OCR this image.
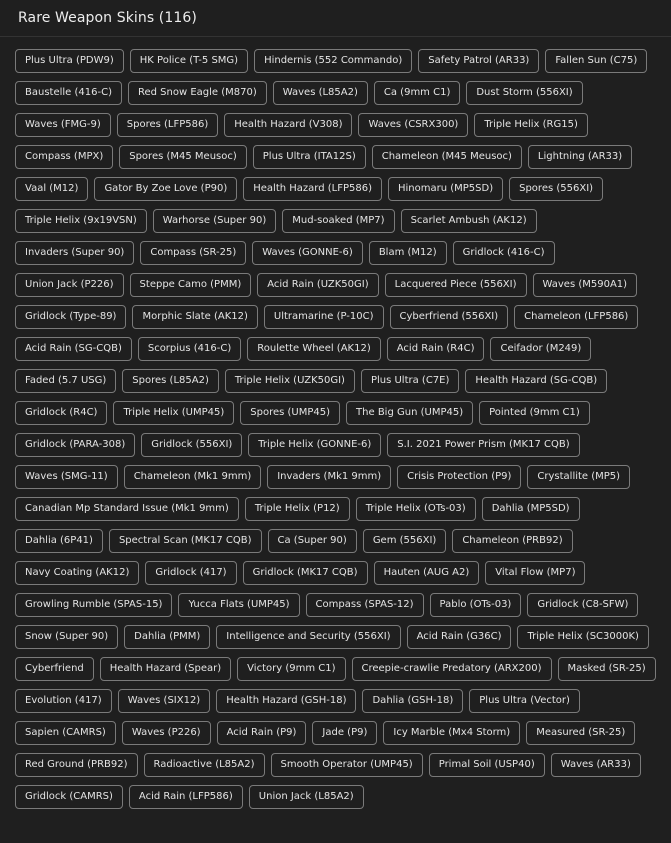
Rare Weapon Skins (116)
Plus Ultra (PDW9)	HK Police (T-5 SMG)	Hindernis (552 Commando)	Safety Patrol (AR33)	Fallen Sun (C75)
Baustelle (416-C)	Red Snow Eagle (M870)	Waves (L85A2)	Ca (9mm C1)	Dust Storm (556XI)
Waves (FMG-9)	Spores (LFP586)	Health Hazard (V308)	Waves (CSRX300)	Triple Helix (RG15)
Compass (MPX)	Spores (M45 Meusoc)	Plus Ultra (ITA12S)	Chameleon (M45 Meusoc)	Lightning (AR33)
Vaal (M12)	Gator By Zoe Love (P90)	Health Hazard (LFP586)	Hinomaru (MP5SD)	Spores (556XI)
Triple Helix (9x19VSN)	Warhorse (Super 90)	Mud-soaked (MP7)	Scarlet Ambush (AK12)
Invaders (Super 90)	Compass (SR-25)	Waves (GONNE-6)	Blam (M12)	Gridlock (416-C)
Union Jack (P226)	Steppe Camo (PMM)	Acid Rain (UZK50GI)	Lacquered Piece (556XI)	Waves (M590A1)
Gridlock (Type-89)	Morphic Slate (AK12)	Ultramarine (P-10C)	Cyberfriend (556XI)	Chameleon (LFP586)
Acid Rain (SG-CQB)	Scorpius (416-C)	Roulette Wheel (AK12)	Acid Rain (R4C)	Ceifador (M249)
Faded (5.7 USG)	Spores (L85A2)	Triple Helix (UZK50GI)	Plus Ultra (C7E)	Health Hazard (SG-CQB)
Gridlock (R4C)	Triple Helix (UMP45)	Spores (UMP45)	The Big Gun (UMP45)	Pointed (9mm C1)
Gridlock (PARA-308)	Gridlock (556XI)	Triple Helix (GONNE-6)	S.I. 2021 Power Prism (MK17 CQB)
Waves (SMG-11)	Chameleon (Mk1 9mm)	Invaders (Mk1 9mm)	Crisis Protection (P9)	Crystallite (MP5)
Canadian Mp Standard Issue (Mk1 9mm)	Triple Helix (P12)	Triple Helix (OTs-03)	Dahlia (MP5SD)
Dahlia (6P41)	Spectral Scan (MK17 CQB)	Ca (Super 90)	Gem (556XI)	Chameleon (PRB92)
Navy Coating (AK12)	Gridlock (417)	Gridlock (MK17 CQB)	Hauten (AUG A2)	Vital Flow (MP7)
Growling Rumble (SPAS-15)	Yucca Flats (UMP45)	Compass (SPAS-12)	Pablo (OTs-03)	Gridlock (C8-SFW)
Snow (Super 90)	Dahlia (PMM)	Intelligence and Security (556XI)	Acid Rain (G36C)	Triple Helix (SC3000K)
Cyberfriend	Health Hazard (Spear)	Victory (9mm C1)	Creepie-crawlie Predatory (ARX200)	Masked (SR-25)
Evolution (417)	Waves (SIX12)	Health Hazard (GSH-18)	Dahlia (GSH-18)	Plus Ultra (Vector)
Sapien (CAMRS)	Waves (P226)	Acid Rain (P9)	Jade (P9)	Icy Marble (Mx4 Storm)	Measured (SR-25)
Red Ground (PRB92)	Radioactive (L85A2)	Smooth Operator (UMP45)	Primal Soil (USP40)	Waves (AR33)
Gridlock (CAMRS)	Acid Rain (LFP586)	Union Jack (L85A2)
